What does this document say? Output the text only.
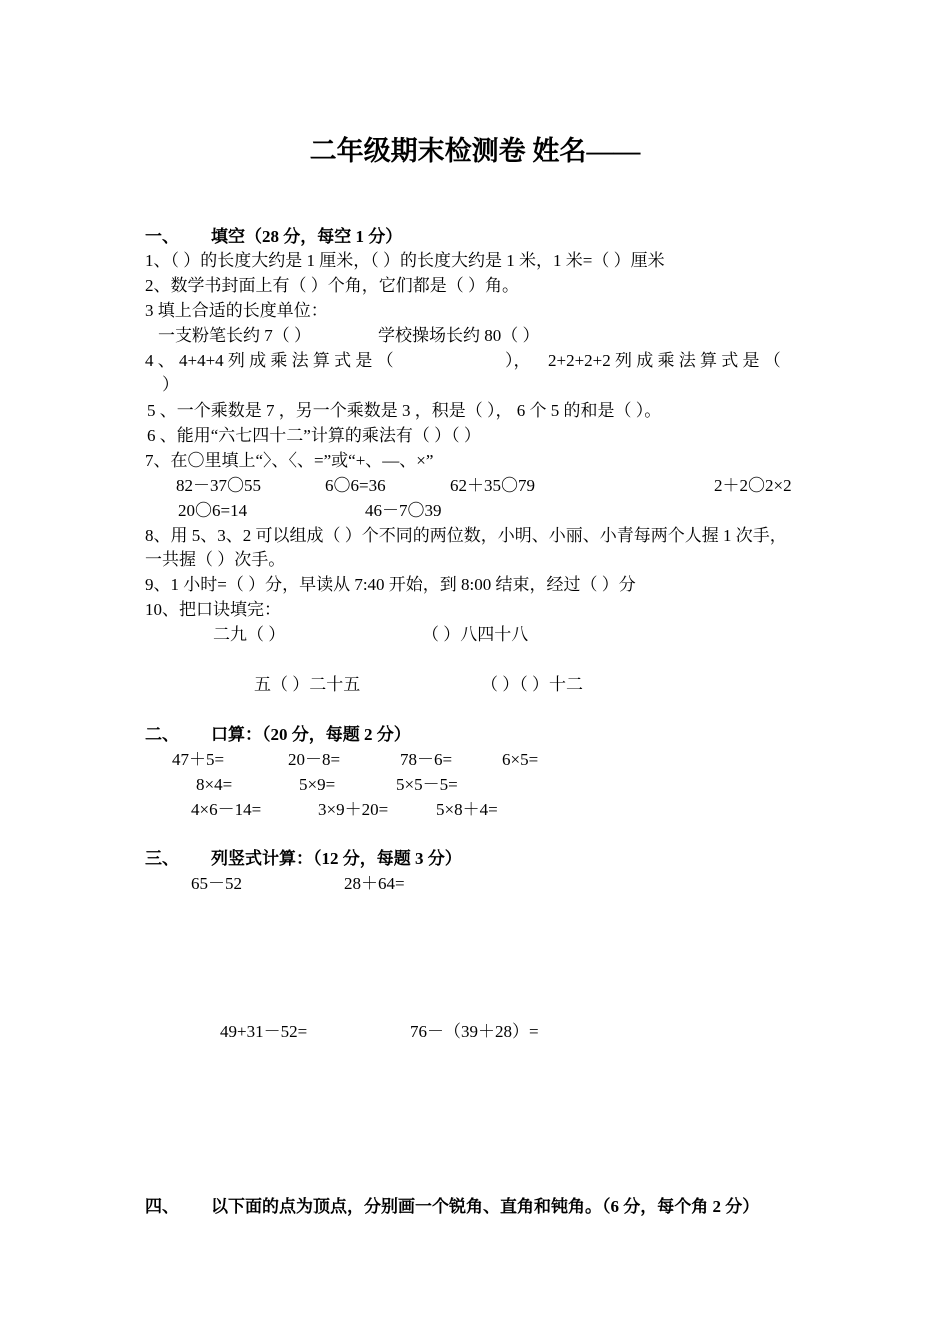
二年级期末检测卷 姓名——
一、 填空（28 分，每空 1 分）
1、（ ）的长度大约是 1 厘米，（ ）的长度大约是 1 米，1 米=（ ）厘米
2、数学书封面上有（ ）个角，它们都是（ ）角。
3 填上合适的长度单位：
一支粉笔长约 7（ ）	学校操场长约 80（ ）
4 、 4+4+4 列 成 乘 法 算 式 是 （	）， 2+2+2+2 列 成 乘 法 算 式 是 （
）
5 、一个乘数是 7 ，另一个乘数是 3 ，积是（ ）， 6 个 5 的和是（ ）。
6 、能用“六七四十二”计算的乘法有（ ）（ ）
7、在〇里填上“〉、〈、=”或“+、—、×”
82－37〇55	6〇6=36	62＋35〇79	2＋2〇2×2
20〇6=14	46－7〇39
8、用 5、3、2 可以组成（ ）个不同的两位数，小明、小丽、小青每两个人握 1 次手，
一共握（ ）次手。
9、1 小时=（ ）分，早读从 7:40 开始，到 8:00 结束，经过（ ）分
10、把口诀填完：
二九（ ）	（ ）八四十八
五（ ）二十五	（ ）（ ）十二
二、 口算：（20 分，每题 2 分）
47＋5=	20－8=	78－6=	6×5=
8×4=	5×9=	5×5－5=
4×6－14=	3×9＋20=	5×8＋4=
三、 列竖式计算：（12 分，每题 3 分）
65－52	28＋64=
49+31－52=	76－（39＋28）=
四、 以下面的点为顶点，分别画一个锐角、直角和钝角。（6 分，每个角 2 分）
